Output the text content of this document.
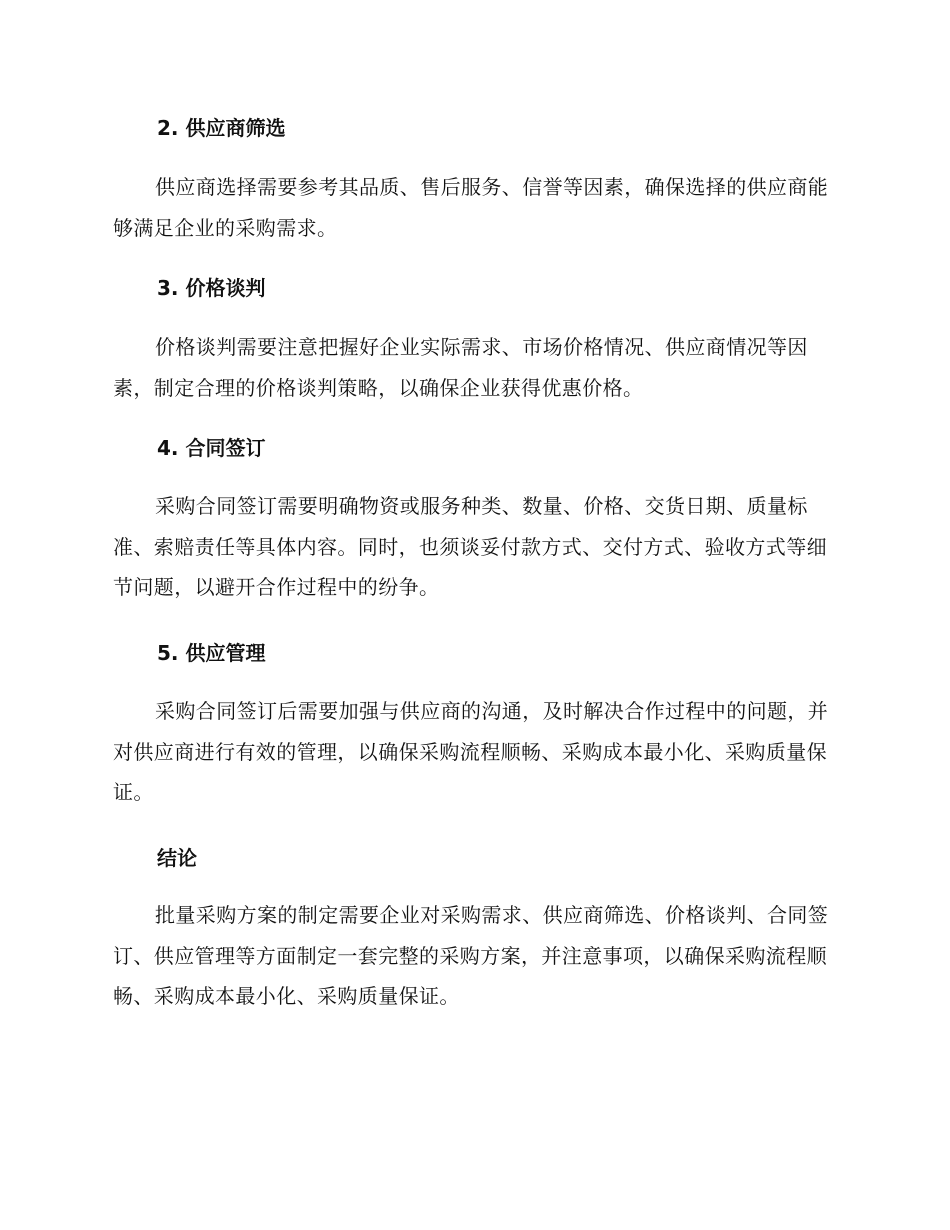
2. 供应商筛选
供应商选择需要参考其品质、售后服务、信誉等因素，确保选择的供应商能够满足企业的采购需求。
3. 价格谈判
价格谈判需要注意把握好企业实际需求、市场价格情况、供应商情况等因素，制定合理的价格谈判策略，以确保企业获得优惠价格。
4. 合同签订
采购合同签订需要明确物资或服务种类、数量、价格、交货日期、质量标准、索赔责任等具体内容。同时，也须谈妥付款方式、交付方式、验收方式等细节问题，以避开合作过程中的纷争。
5. 供应管理
采购合同签订后需要加强与供应商的沟通，及时解决合作过程中的问题，并对供应商进行有效的管理，以确保采购流程顺畅、采购成本最小化、采购质量保证。
结论
批量采购方案的制定需要企业对采购需求、供应商筛选、价格谈判、合同签订、供应管理等方面制定一套完整的采购方案，并注意事项，以确保采购流程顺畅、采购成本最小化、采购质量保证。
